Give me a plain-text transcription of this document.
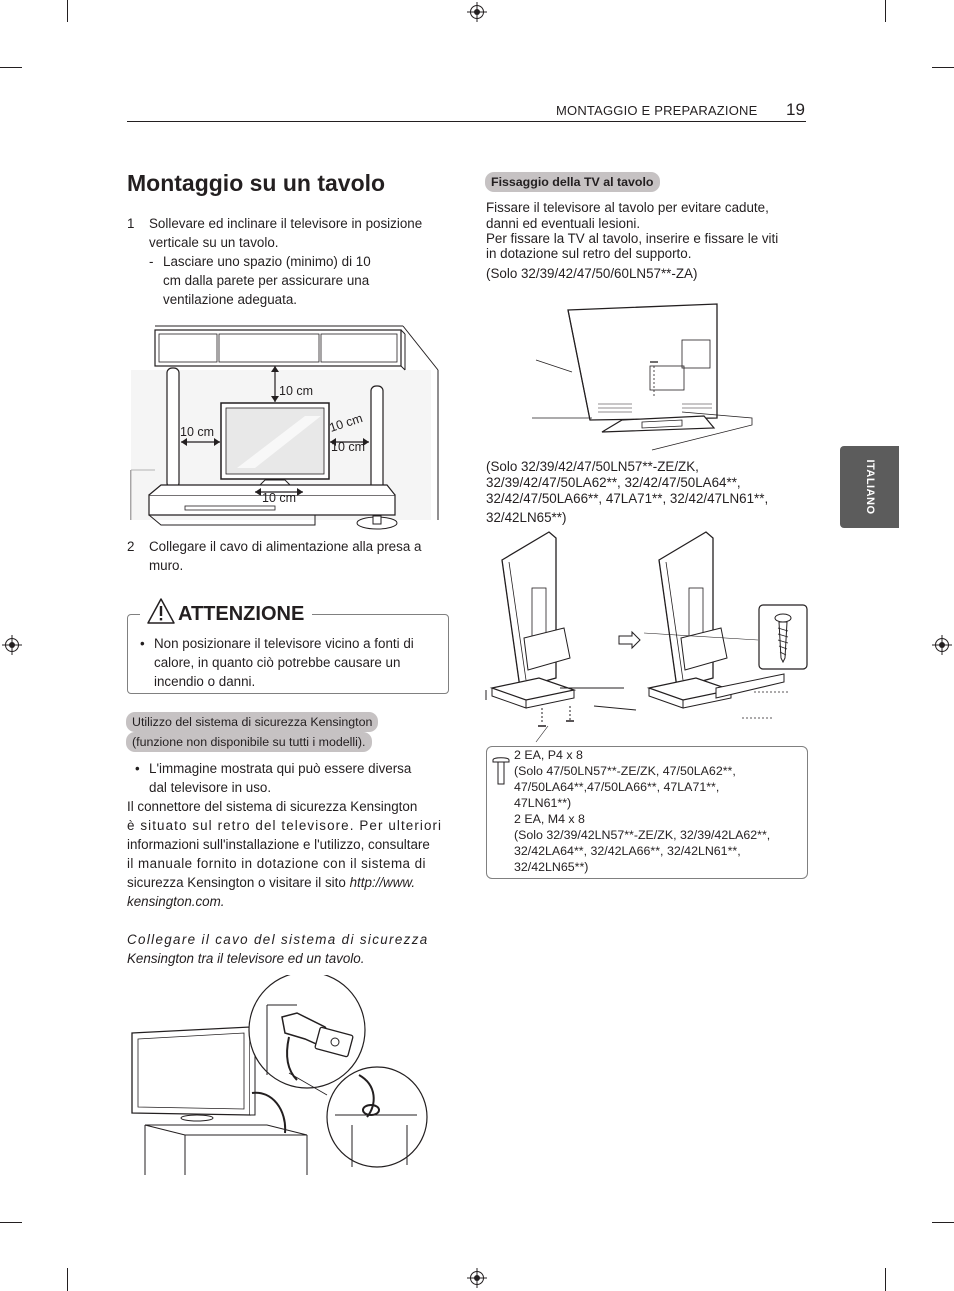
MONTAGGIO E PREPARAZIONE 19
ITALIANO
Montaggio su un tavolo
1 Sollevare ed inclinare il televisore in posizione
verticale su un tavolo.
- Lasciare uno spazio (minimo) di 10
cm dalla parete per assicurare una
ventilazione adeguata.
10 cm
10 cm	10 cm
10 cm
10 cm
2 Collegare il cavo di alimentazione alla presa a
muro.
ATTENZIONE
• Non posizionare il televisore vicino a fonti di
calore, in quanto ciò potrebbe causare un
incendio o danni.
Utilizzo del sistema di sicurezza Kensington
(funzione non disponibile su tutti i modelli).
• L'immagine mostrata qui può essere diversa
dal televisore in uso.
Il connettore del sistema di sicurezza Kensington
è situato sul retro del televisore. Per ulteriori
informazioni sull'installazione e l'utilizzo, consultare
il manuale fornito in dotazione con il sistema di
sicurezza Kensington o visitare il sito http://www.
kensington.com.
Collegare il cavo del sistema di sicurezza
Kensington tra il televisore ed un tavolo.
Fissaggio della TV al tavolo
Fissare il televisore al tavolo per evitare cadute,
danni ed eventuali lesioni.
Per fissare la TV al tavolo, inserire e fissare le viti
in dotazione sul retro del supporto.
(Solo 32/39/42/47/50/60LN57**-ZA)
(Solo 32/39/42/47/50LN57**-ZE/ZK,
32/39/42/47/50LA62**, 32/42/47/50LA64**,
32/42/47/50LA66**, 47LA71**, 32/42/47LN61**,
32/42LN65**)
2 EA, P4 x 8
(Solo 47/50LN57**-ZE/ZK, 47/50LA62**,
47/50LA64**,47/50LA66**, 47LA71**,
47LN61**)
2 EA, M4 x 8
(Solo 32/39/42LN57**-ZE/ZK, 32/39/42LA62**,
32/42LA64**, 32/42LA66**, 32/42LN61**,
32/42LN65**)
